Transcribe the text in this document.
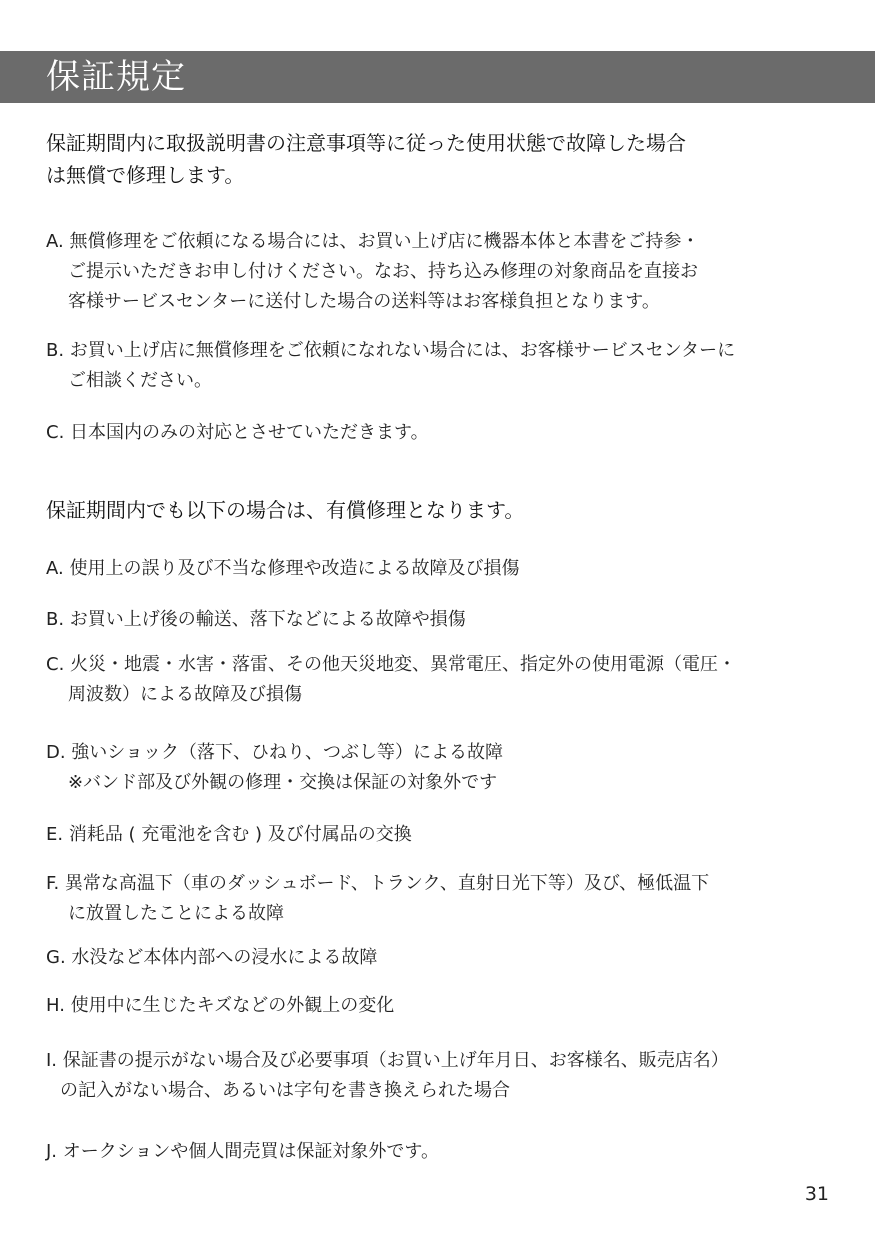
保証規定
保証期間内に取扱説明書の注意事項等に従った使用状態で故障した場合
は無償で修理します。
A. 無償修理をご依頼になる場合には、お買い上げ店に機器本体と本書をご持参・
ご提示いただきお申し付けください。なお、持ち込み修理の対象商品を直接お
客様サービスセンターに送付した場合の送料等はお客様負担となります。
B. お買い上げ店に無償修理をご依頼になれない場合には、お客様サービスセンターに
ご相談ください。
C. 日本国内のみの対応とさせていただきます。
保証期間内でも以下の場合は、有償修理となります。
A. 使用上の誤り及び不当な修理や改造による故障及び損傷
B. お買い上げ後の輸送、落下などによる故障や損傷
C. 火災・地震・水害・落雷、その他天災地変、異常電圧、指定外の使用電源（電圧・
周波数）による故障及び損傷
D. 強いショック（落下、ひねり、つぶし等）による故障
※バンド部及び外観の修理・交換は保証の対象外です
E. 消耗品 ( 充電池を含む ) 及び付属品の交換
F. 異常な高温下（車のダッシュボード、トランク、直射日光下等）及び、極低温下
に放置したことによる故障
G. 水没など本体内部への浸水による故障
H. 使用中に生じたキズなどの外観上の変化
I. 保証書の提示がない場合及び必要事項（お買い上げ年月日、お客様名、販売店名）
の記入がない場合、あるいは字句を書き換えられた場合
J. オークションや個人間売買は保証対象外です。
31
